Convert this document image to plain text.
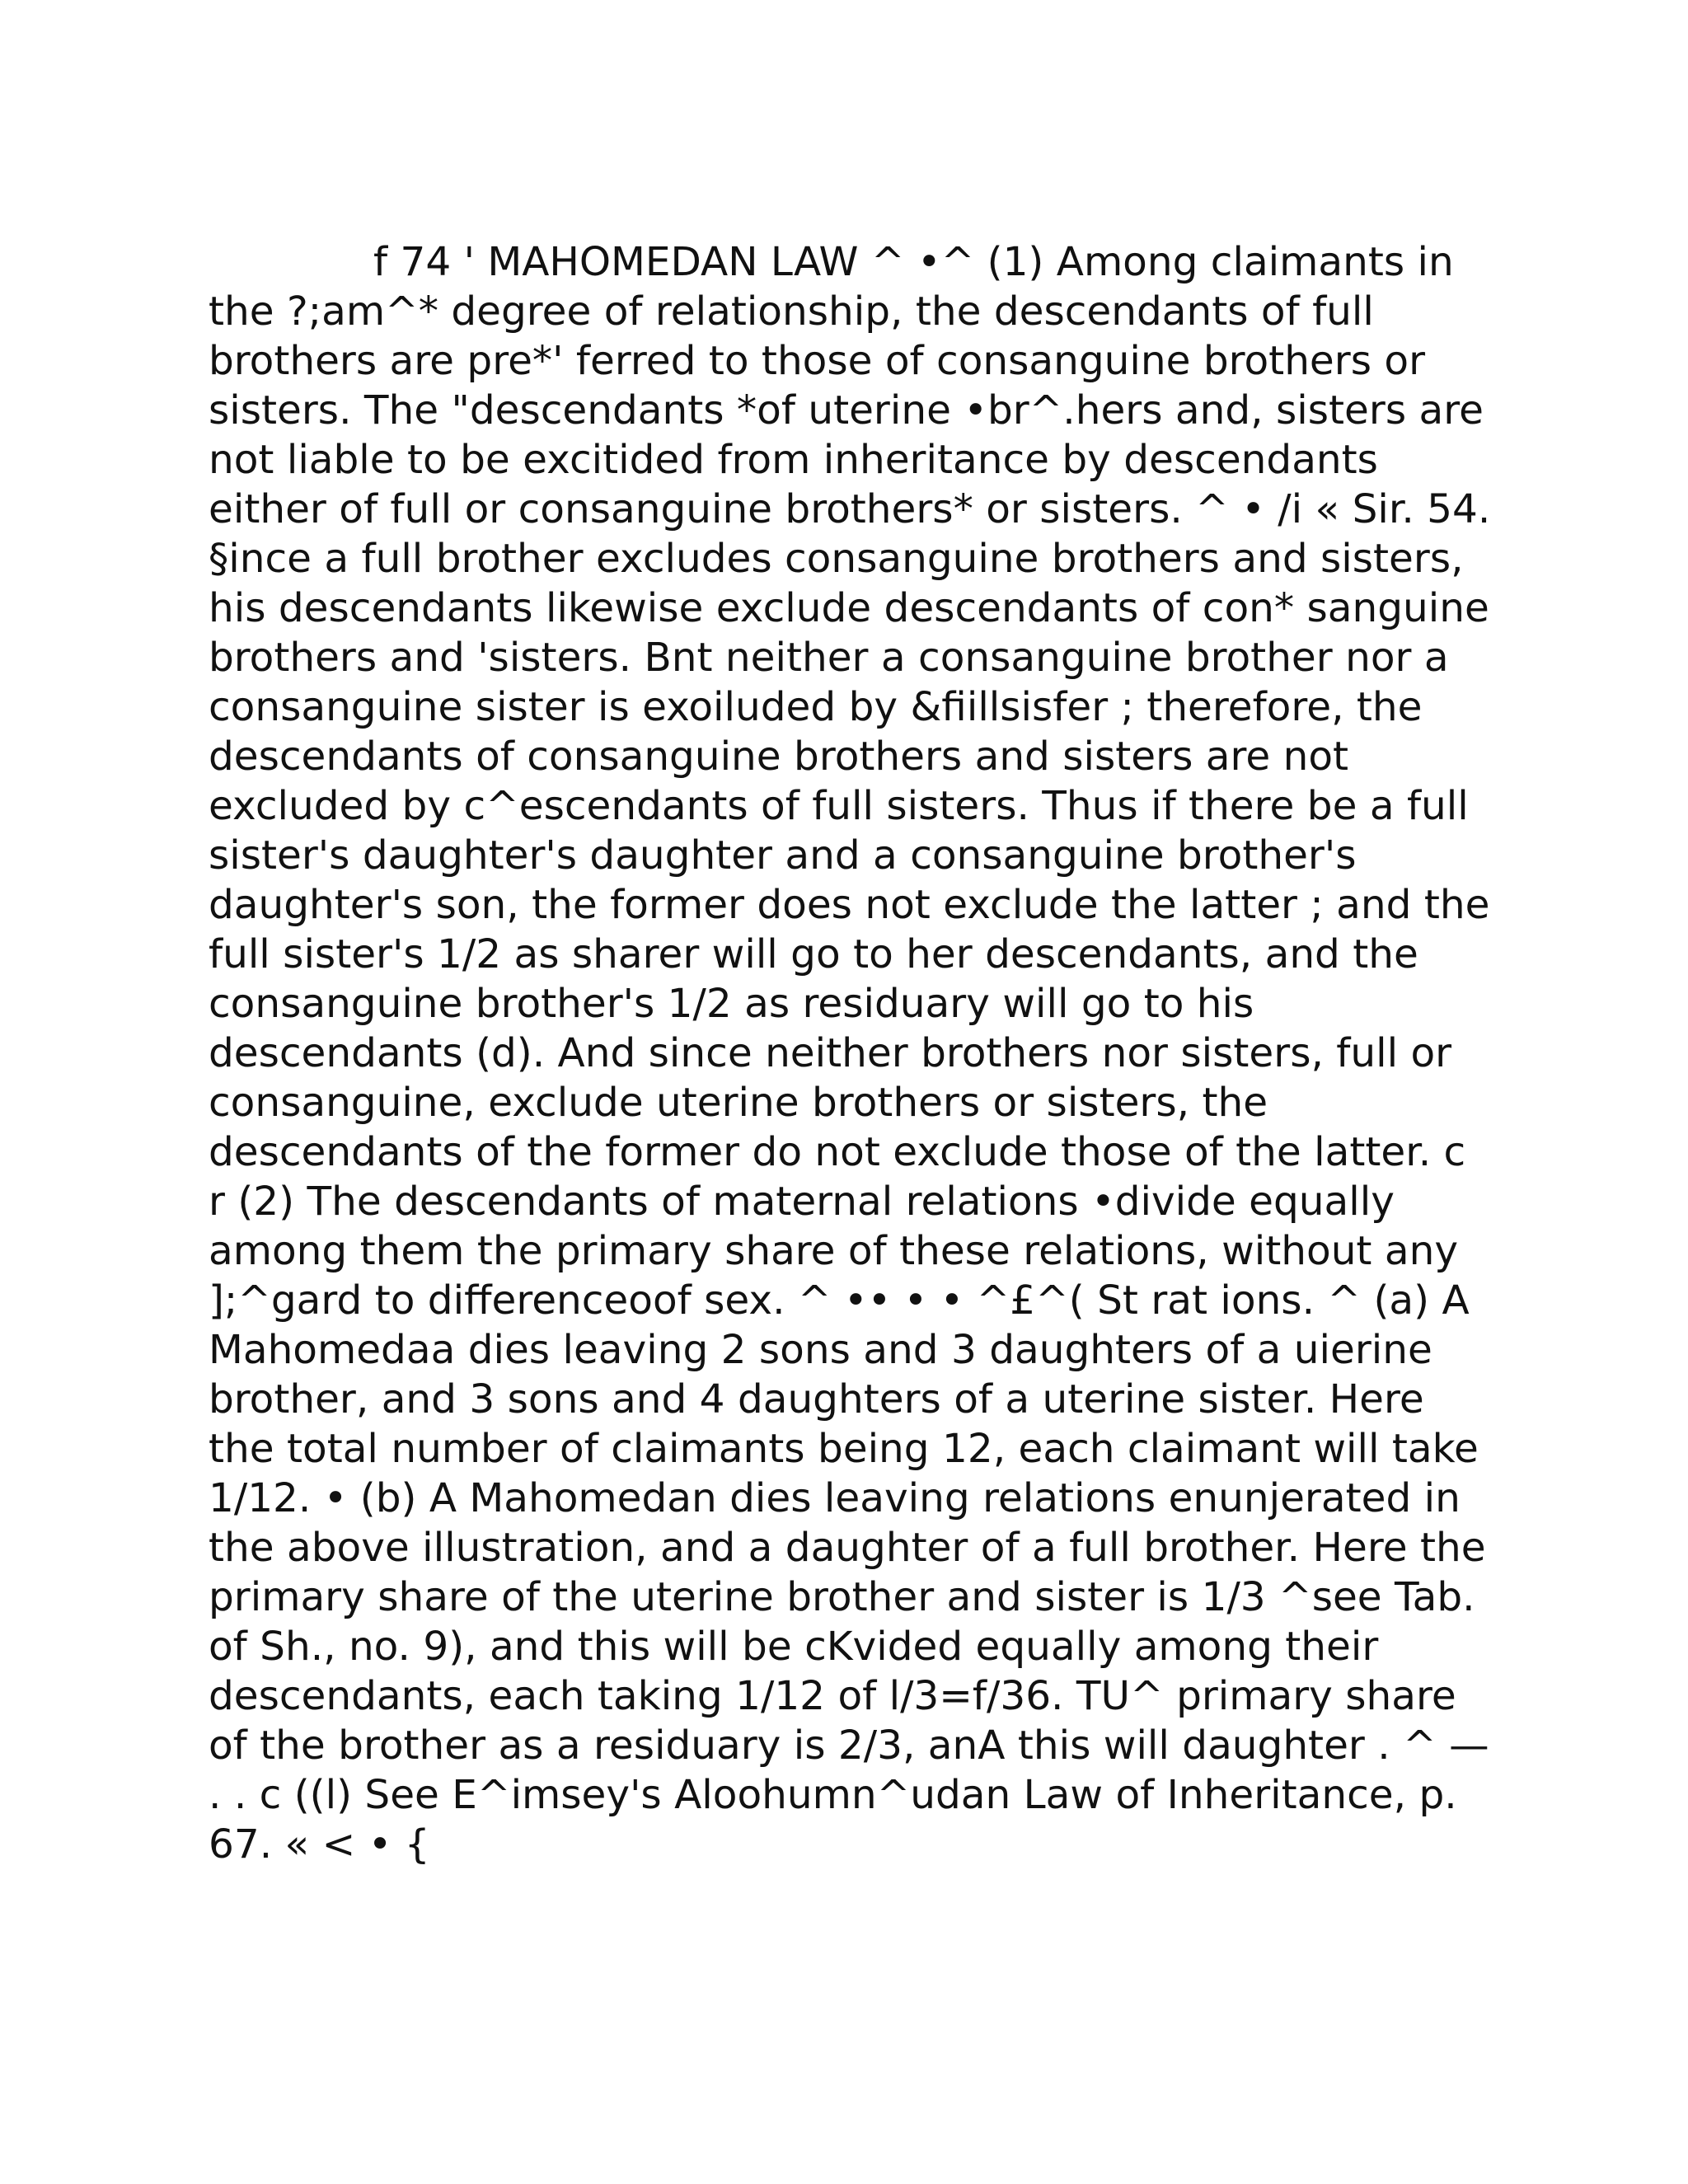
f 74 ' MAHOMEDAN LAW ^ •^ (1) Among claimants in the ?;am^* degree of relationship, the descendants of full brothers are pre*' ferred to those of consanguine brothers or sisters. The "descendants *of uterine •br^.hers and, sisters are not liable to be excitided from inheritance by descendants either of full or consanguine brothers* or sisters. ^ • /i « Sir. 54. §ince a full brother excludes consanguine brothers and sisters, his descendants likewise exclude descendants of con* sanguine brothers and 'sisters. Bnt neither a consanguine brother nor a consanguine sister is exoiluded by &fiillsisfer ; therefore, the descendants of consanguine brothers and sisters are not excluded by c^escendants of full sisters. Thus if there be a full sister's daughter's daughter and a consanguine brother's daughter's son, the former does not exclude the latter ; and the full sister's 1/2 as sharer will go to her descendants, and the consanguine brother's 1/2 as residuary will go to his descendants (d). And since neither brothers nor sisters, full or consanguine, exclude uterine brothers or sisters, the descendants of the former do not exclude those of the latter. c r (2) The descendants of maternal relations •divide equally among them the primary share of these relations, without any ];^gard to differenceoof sex. ^ •• • • ^£^( St rat ions. ^ (a) A Mahomedaa dies leaving 2 sons and 3 daughters of a uierine brother, and 3 sons and 4 daughters of a uterine sister. Here the total number of claimants being 12, each claimant will take 1/12. • (b) A Mahomedan dies leaving relations enunjerated in the above illustration, and a daughter of a full brother. Here the primary share of the uterine brother and sister is 1/3 ^see Tab. of Sh., no. 9), and this will be cKvided equally among their descendants, each taking 1/12 of l/3=f/36. TU^ primary share of the brother as a residuary is 2/3, anA this will daughter . ^ — . . c ((l) See E^imsey's Aloohumn^udan Law of Inheritance, p. 67. « < • {
